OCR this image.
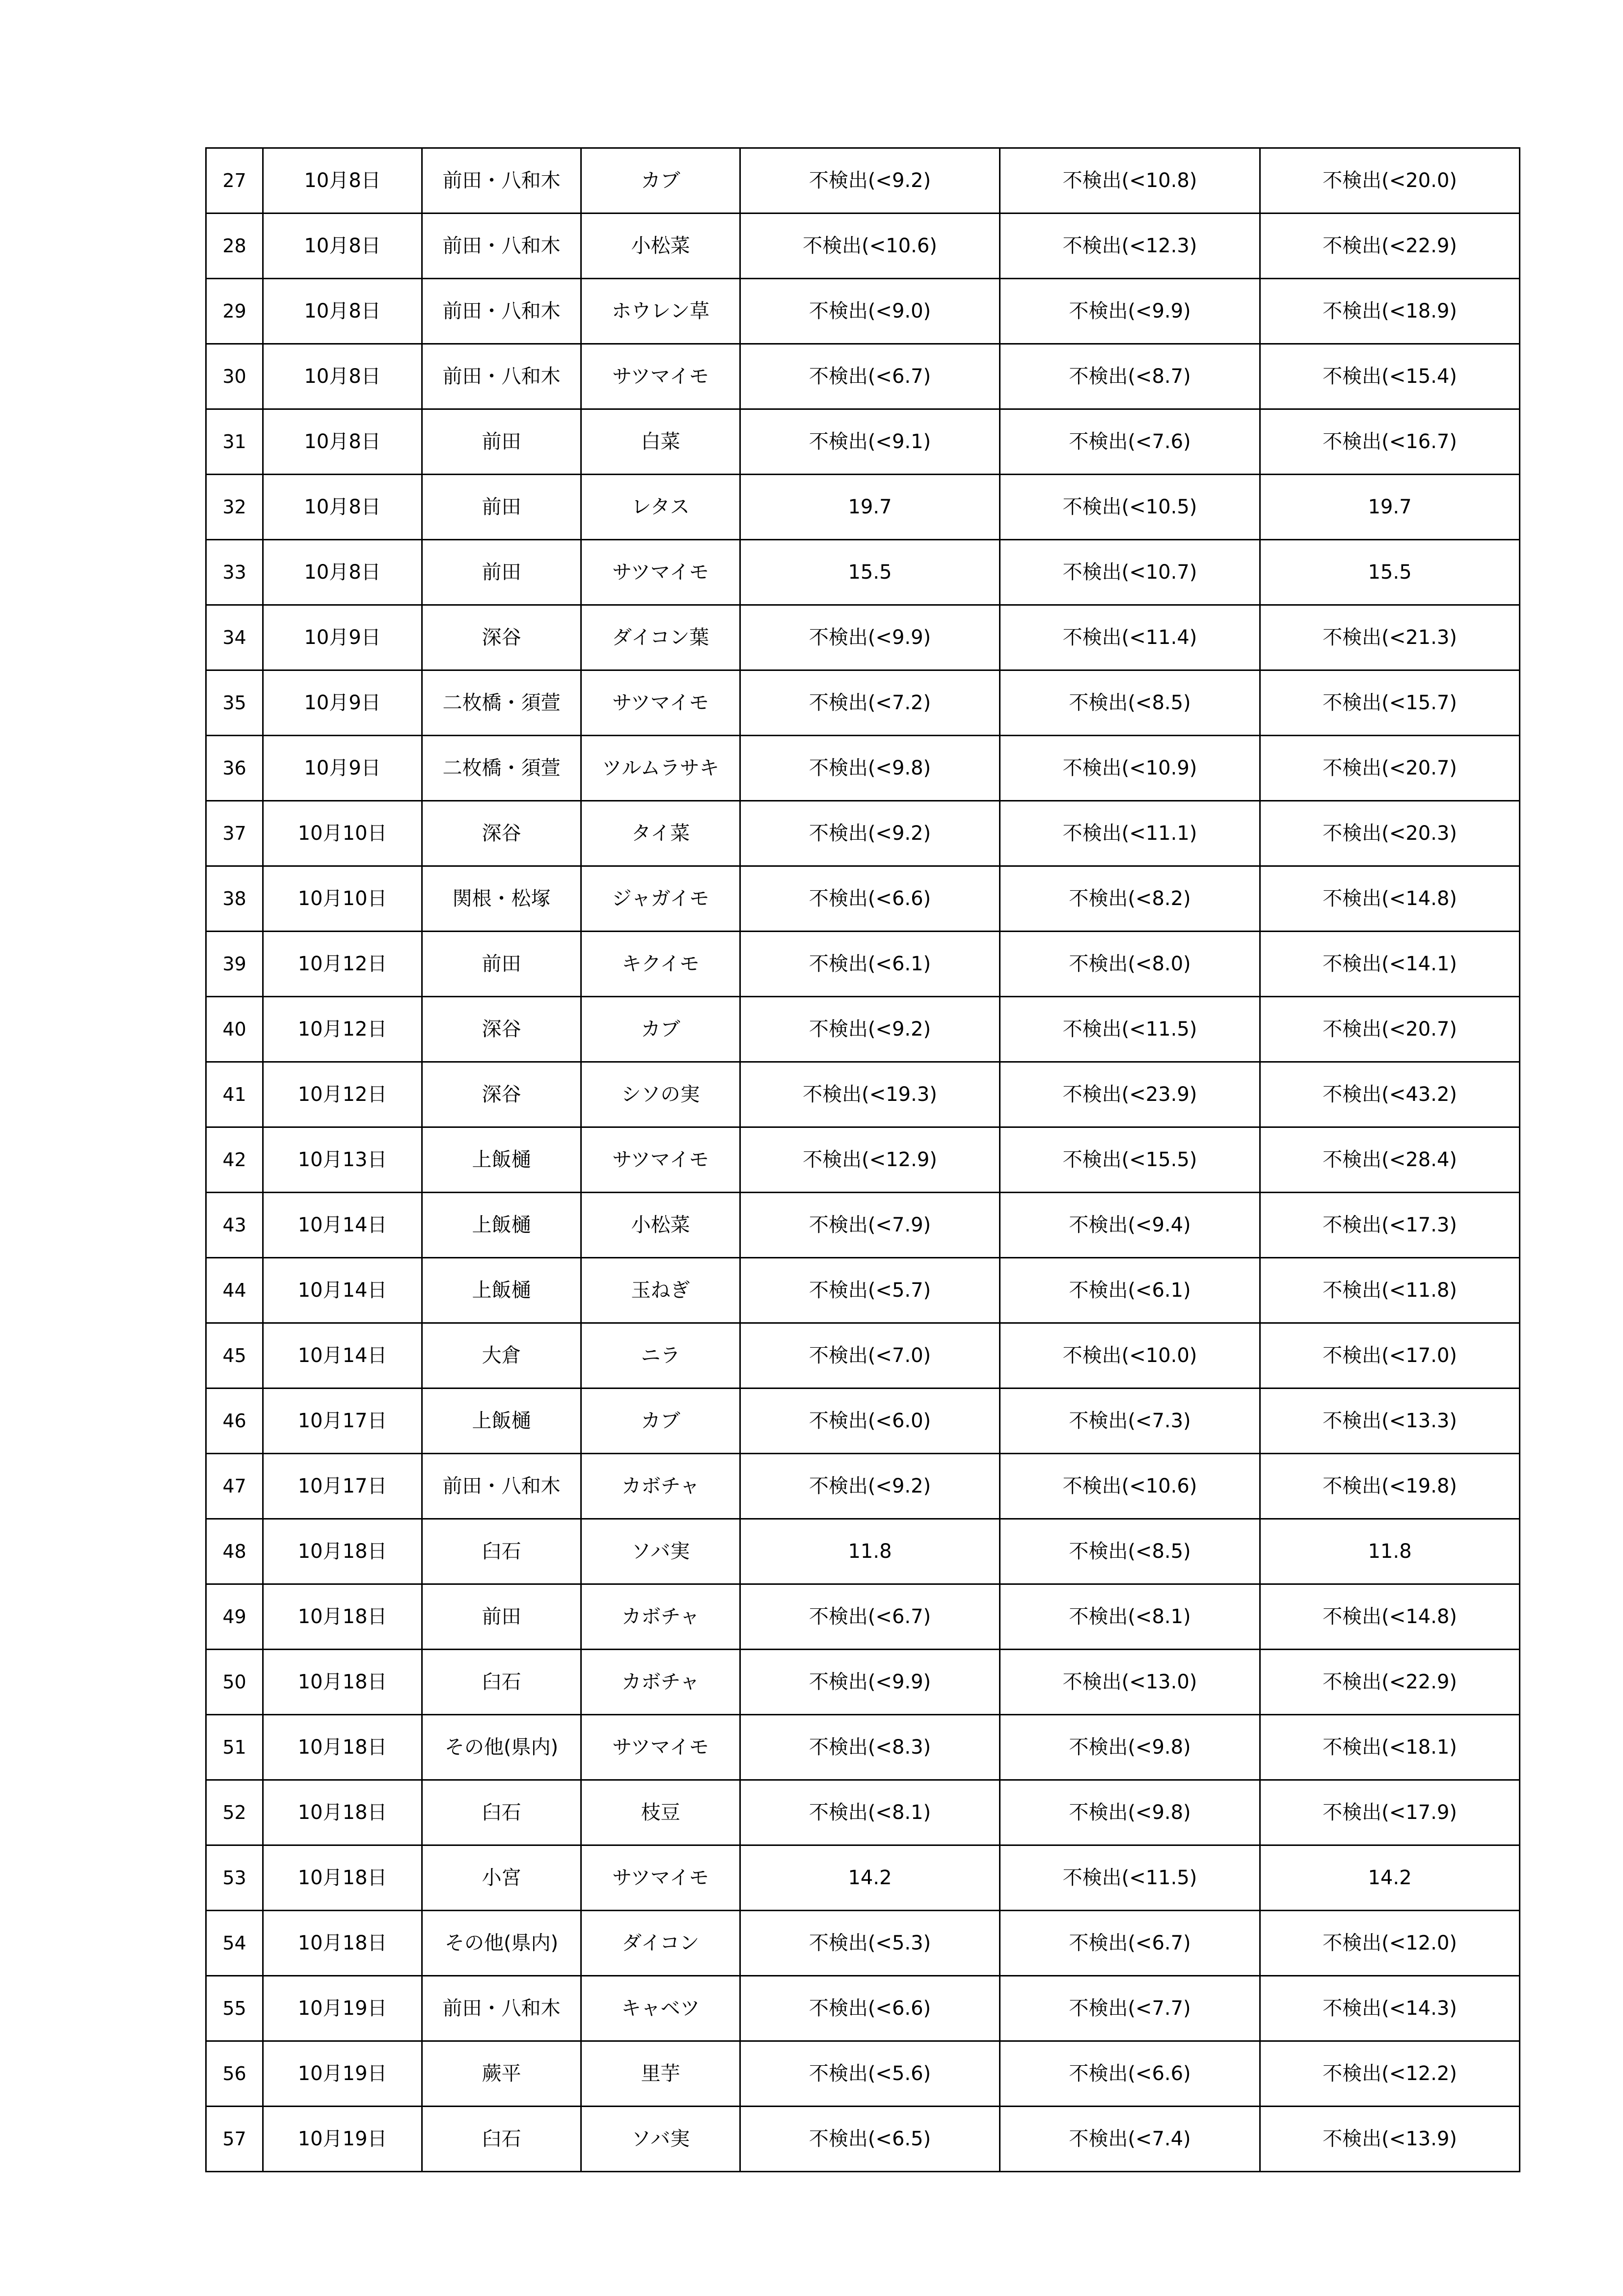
27	10月8日	前田・八和木	カブ	不検出(<9.2)	不検出(<10.8)	不検出(<20.0)
28	10月8日	前田・八和木	小松菜	不検出(<10.6)	不検出(<12.3)	不検出(<22.9)
29	10月8日	前田・八和木	ホウレン草	不検出(<9.0)	不検出(<9.9)	不検出(<18.9)
30	10月8日	前田・八和木	サツマイモ	不検出(<6.7)	不検出(<8.7)	不検出(<15.4)
31	10月8日	前田	白菜	不検出(<9.1)	不検出(<7.6)	不検出(<16.7)
32	10月8日	前田	レタス	19.7	不検出(<10.5)	19.7
33	10月8日	前田	サツマイモ	15.5	不検出(<10.7)	15.5
34	10月9日	深谷	ダイコン葉	不検出(<9.9)	不検出(<11.4)	不検出(<21.3)
35	10月9日	二枚橋・須萱	サツマイモ	不検出(<7.2)	不検出(<8.5)	不検出(<15.7)
36	10月9日	二枚橋・須萱	ツルムラサキ	不検出(<9.8)	不検出(<10.9)	不検出(<20.7)
37	10月10日	深谷	タイ菜	不検出(<9.2)	不検出(<11.1)	不検出(<20.3)
38	10月10日	関根・松塚	ジャガイモ	不検出(<6.6)	不検出(<8.2)	不検出(<14.8)
39	10月12日	前田	キクイモ	不検出(<6.1)	不検出(<8.0)	不検出(<14.1)
40	10月12日	深谷	カブ	不検出(<9.2)	不検出(<11.5)	不検出(<20.7)
41	10月12日	深谷	シソの実	不検出(<19.3)	不検出(<23.9)	不検出(<43.2)
42	10月13日	上飯樋	サツマイモ	不検出(<12.9)	不検出(<15.5)	不検出(<28.4)
43	10月14日	上飯樋	小松菜	不検出(<7.9)	不検出(<9.4)	不検出(<17.3)
44	10月14日	上飯樋	玉ねぎ	不検出(<5.7)	不検出(<6.1)	不検出(<11.8)
45	10月14日	大倉	ニラ	不検出(<7.0)	不検出(<10.0)	不検出(<17.0)
46	10月17日	上飯樋	カブ	不検出(<6.0)	不検出(<7.3)	不検出(<13.3)
47	10月17日	前田・八和木	カボチャ	不検出(<9.2)	不検出(<10.6)	不検出(<19.8)
48	10月18日	臼石	ソバ実	11.8	不検出(<8.5)	11.8
49	10月18日	前田	カボチャ	不検出(<6.7)	不検出(<8.1)	不検出(<14.8)
50	10月18日	臼石	カボチャ	不検出(<9.9)	不検出(<13.0)	不検出(<22.9)
51	10月18日	その他(県内)	サツマイモ	不検出(<8.3)	不検出(<9.8)	不検出(<18.1)
52	10月18日	臼石	枝豆	不検出(<8.1)	不検出(<9.8)	不検出(<17.9)
53	10月18日	小宮	サツマイモ	14.2	不検出(<11.5)	14.2
54	10月18日	その他(県内)	ダイコン	不検出(<5.3)	不検出(<6.7)	不検出(<12.0)
55	10月19日	前田・八和木	キャベツ	不検出(<6.6)	不検出(<7.7)	不検出(<14.3)
56	10月19日	蕨平	里芋	不検出(<5.6)	不検出(<6.6)	不検出(<12.2)
57	10月19日	臼石	ソバ実	不検出(<6.5)	不検出(<7.4)	不検出(<13.9)
